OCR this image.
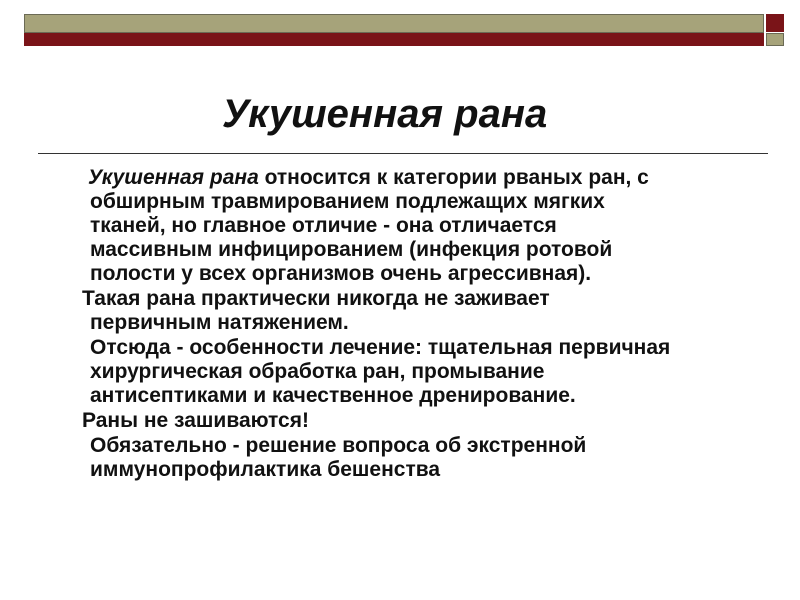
Укушенная рана
Укушенная рана относится к категории рваных ран, с
обширным травмированием подлежащих мягких
тканей, но главное отличие - она отличается
массивным инфицированием (инфекция ротовой
полости у всех организмов очень агрессивная).
Такая рана практически никогда не заживает
первичным натяжением.
Отсюда - особенности лечение: тщательная первичная
хирургическая обработка ран, промывание
антисептиками и качественное дренирование.
Раны не зашиваются!
Обязательно - решение вопроса об экстренной
иммунопрофилактика бешенства
